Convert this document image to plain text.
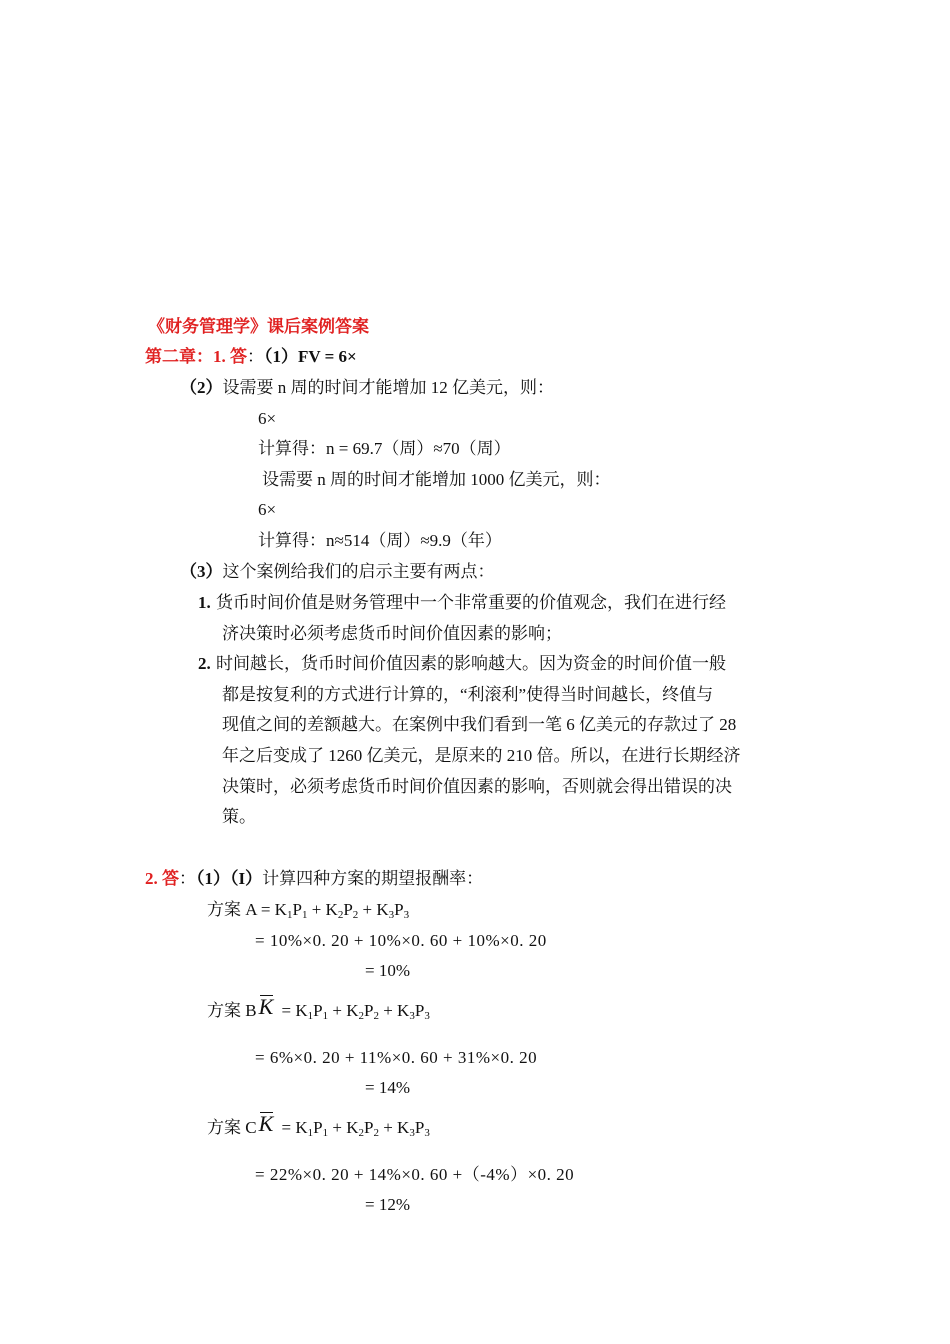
《财务管理学》课后案例答案
第二章：1. 答：（1）FV = 6×
（2）设需要 n 周的时间才能增加 12 亿美元，则：
6×
计算得：n = 69.7（周）≈70（周）
设需要 n 周的时间才能增加 1000 亿美元，则：
6×
计算得：n≈514（周）≈9.9（年）
（3）这个案例给我们的启示主要有两点：
1. 货币时间价值是财务管理中一个非常重要的价值观念，我们在进行经
济决策时必须考虑货币时间价值因素的影响；
2. 时间越长，货币时间价值因素的影响越大。因为资金的时间价值一般
都是按复利的方式进行计算的，“利滚利”使得当时间越长，终值与
现值之间的差额越大。在案例中我们看到一笔 6 亿美元的存款过了 28
年之后变成了 1260 亿美元，是原来的 210 倍。所以，在进行长期经济
决策时，必须考虑货币时间价值因素的影响，否则就会得出错误的决
策。
2. 答：（1）（I）计算四种方案的期望报酬率：
方案 $A = K_1P_1 + K_2P_2 + K_3P_3$
= 10%×0. 20 + 10%×0. 60 + 10%×0. 20
= 10%
方案 BK = $K_1P_1 + K_2P_2 + K_3P_3$
= 6%×0. 20 + 11%×0. 60 + 31%×0. 20
= 14%
方案 CK = $K_1P_1 + K_2P_2 + K_3P_3$
= 22%×0. 20 + 14%×0. 60 +（-4%）×0. 20
= 12%
